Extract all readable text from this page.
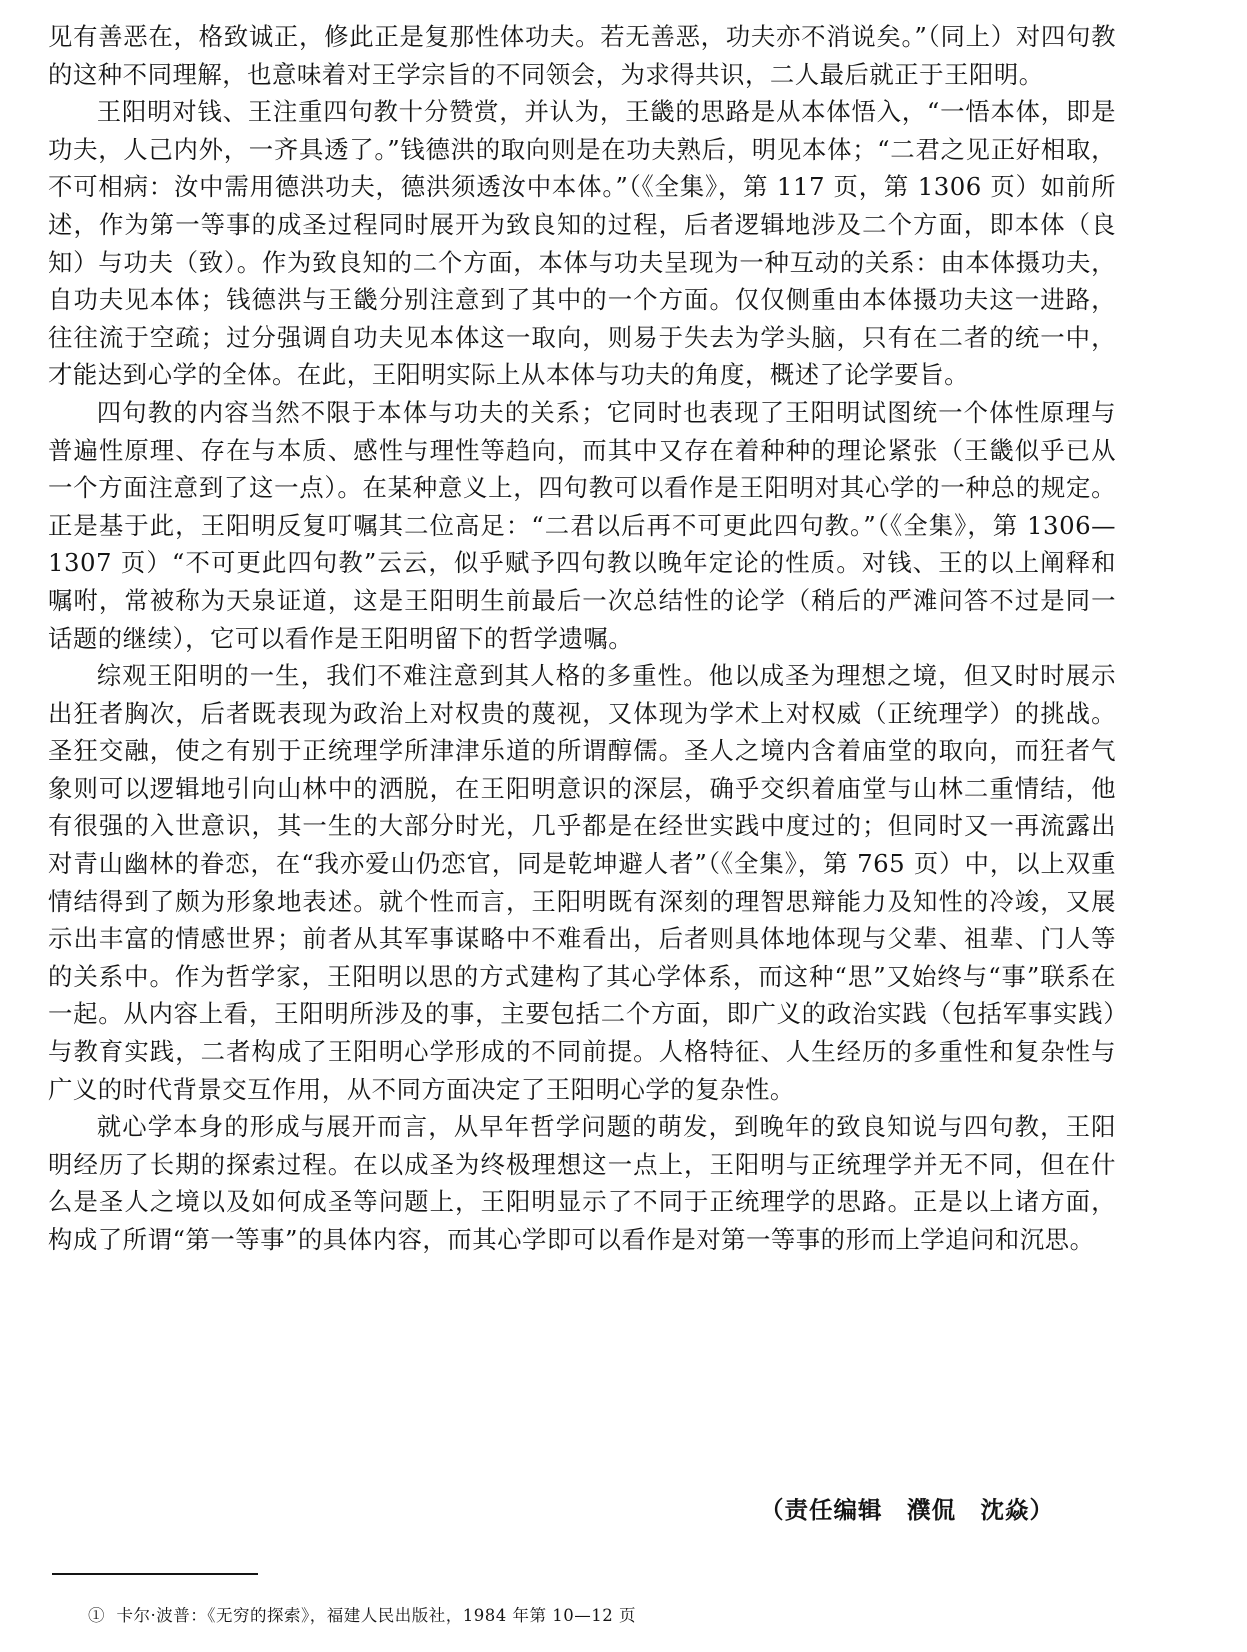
见有善恶在，格致诚正，修此正是复那性体功夫。若无善恶，功夫亦不消说矣。”（同上）对四句教的这种不同理解，也意味着对王学宗旨的不同领会，为求得共识，二人最后就正于王阳明。

王阳明对钱、王注重四句教十分赞赏，并认为，王畿的思路是从本体悟入，“一悟本体，即是功夫，人己内外，一齐具透了。”钱德洪的取向则是在功夫熟后，明见本体；“二君之见正好相取，不可相病：汝中需用德洪功夫，德洪须透汝中本体。”（《全集》，第 117 页，第 1306 页）如前所述，作为第一等事的成圣过程同时展开为致良知的过程，后者逻辑地涉及二个方面，即本体（良知）与功夫（致）。作为致良知的二个方面，本体与功夫呈现为一种互动的关系：由本体摄功夫，自功夫见本体；钱德洪与王畿分别注意到了其中的一个方面。仅仅侧重由本体摄功夫这一进路，往往流于空疏；过分强调自功夫见本体这一取向，则易于失去为学头脑，只有在二者的统一中，才能达到心学的全体。在此，王阳明实际上从本体与功夫的角度，概述了论学要旨。

四句教的内容当然不限于本体与功夫的关系；它同时也表现了王阳明试图统一个体性原理与普遍性原理、存在与本质、感性与理性等趋向，而其中又存在着种种的理论紧张（王畿似乎已从一个方面注意到了这一点）。在某种意义上，四句教可以看作是王阳明对其心学的一种总的规定。正是基于此，王阳明反复叮嘱其二位高足：“二君以后再不可更此四句教。”（《全集》，第 1306—1307 页）“不可更此四句教”云云，似乎赋予四句教以晚年定论的性质。对钱、王的以上阐释和嘱咐，常被称为天泉证道，这是王阳明生前最后一次总结性的论学（稍后的严滩问答不过是同一话题的继续），它可以看作是王阳明留下的哲学遗嘱。

综观王阳明的一生，我们不难注意到其人格的多重性。他以成圣为理想之境，但又时时展示出狂者胸次，后者既表现为政治上对权贵的蔑视，又体现为学术上对权威（正统理学）的挑战。圣狂交融，使之有别于正统理学所津津乐道的所谓醇儒。圣人之境内含着庙堂的取向，而狂者气象则可以逻辑地引向山林中的洒脱，在王阳明意识的深层，确乎交织着庙堂与山林二重情结，他有很强的入世意识，其一生的大部分时光，几乎都是在经世实践中度过的；但同时又一再流露出对青山幽林的眷恋，在“我亦爱山仍恋官，同是乾坤避人者”（《全集》，第 765 页）中，以上双重情结得到了颇为形象地表述。就个性而言，王阳明既有深刻的理智思辩能力及知性的冷竣，又展示出丰富的情感世界；前者从其军事谋略中不难看出，后者则具体地体现与父辈、祖辈、门人等的关系中。作为哲学家，王阳明以思的方式建构了其心学体系，而这种“思”又始终与“事”联系在一起。从内容上看，王阳明所涉及的事，主要包括二个方面，即广义的政治实践（包括军事实践）与教育实践，二者构成了王阳明心学形成的不同前提。人格特征、人生经历的多重性和复杂性与广义的时代背景交互作用，从不同方面决定了王阳明心学的复杂性。

就心学本身的形成与展开而言，从早年哲学问题的萌发，到晚年的致良知说与四句教，王阳明经历了长期的探索过程。在以成圣为终极理想这一点上，王阳明与正统理学并无不同，但在什么是圣人之境以及如何成圣等问题上，王阳明显示了不同于正统理学的思路。正是以上诸方面，构成了所谓“第一等事”的具体内容，而其心学即可以看作是对第一等事的形而上学追问和沉思。

（责任编辑　濮侃　沈焱）
① 卡尔·波普：《无穷的探索》，福建人民出版社，1984 年第 10—12 页
